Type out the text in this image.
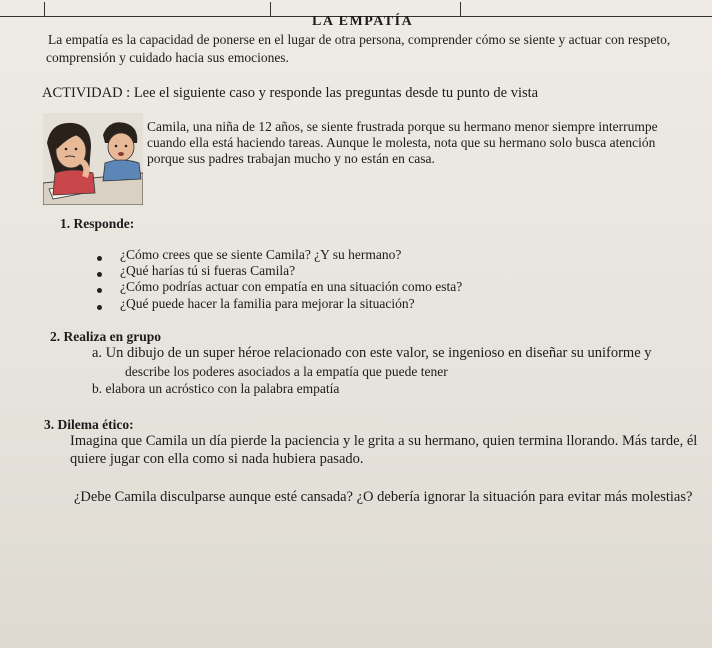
LA EMPATÍA
La empatía es la capacidad de ponerse en el lugar de otra persona, comprender cómo se siente y actuar con respeto,
comprensión y cuidado hacia sus emociones.
ACTIVIDAD : Lee el siguiente caso y responde las preguntas desde tu punto de vista
Camila, una niña de 12 años, se siente frustrada porque su hermano menor siempre interrumpe
cuando ella está haciendo tareas. Aunque le molesta, nota que su hermano solo busca atención
porque sus padres trabajan mucho y no están en casa.
1. Responde:
¿Cómo crees que se siente Camila? ¿Y su hermano?
¿Qué harías tú si fueras Camila?
¿Cómo podrías actuar con empatía en una situación como esta?
¿Qué puede hacer la familia para mejorar la situación?
2. Realiza en grupo
a. Un dibujo de un super héroe relacionado con este valor, se ingenioso en diseñar su uniforme y
describe los poderes asociados a la empatía que puede tener
b. elabora un acróstico con la palabra empatía
3. Dilema ético:
Imagina que Camila un día pierde la paciencia y le grita a su hermano, quien termina llorando. Más tarde, él
quiere jugar con ella como si nada hubiera pasado.
¿Debe Camila disculparse aunque esté cansada? ¿O debería ignorar la situación para evitar más molestias?
